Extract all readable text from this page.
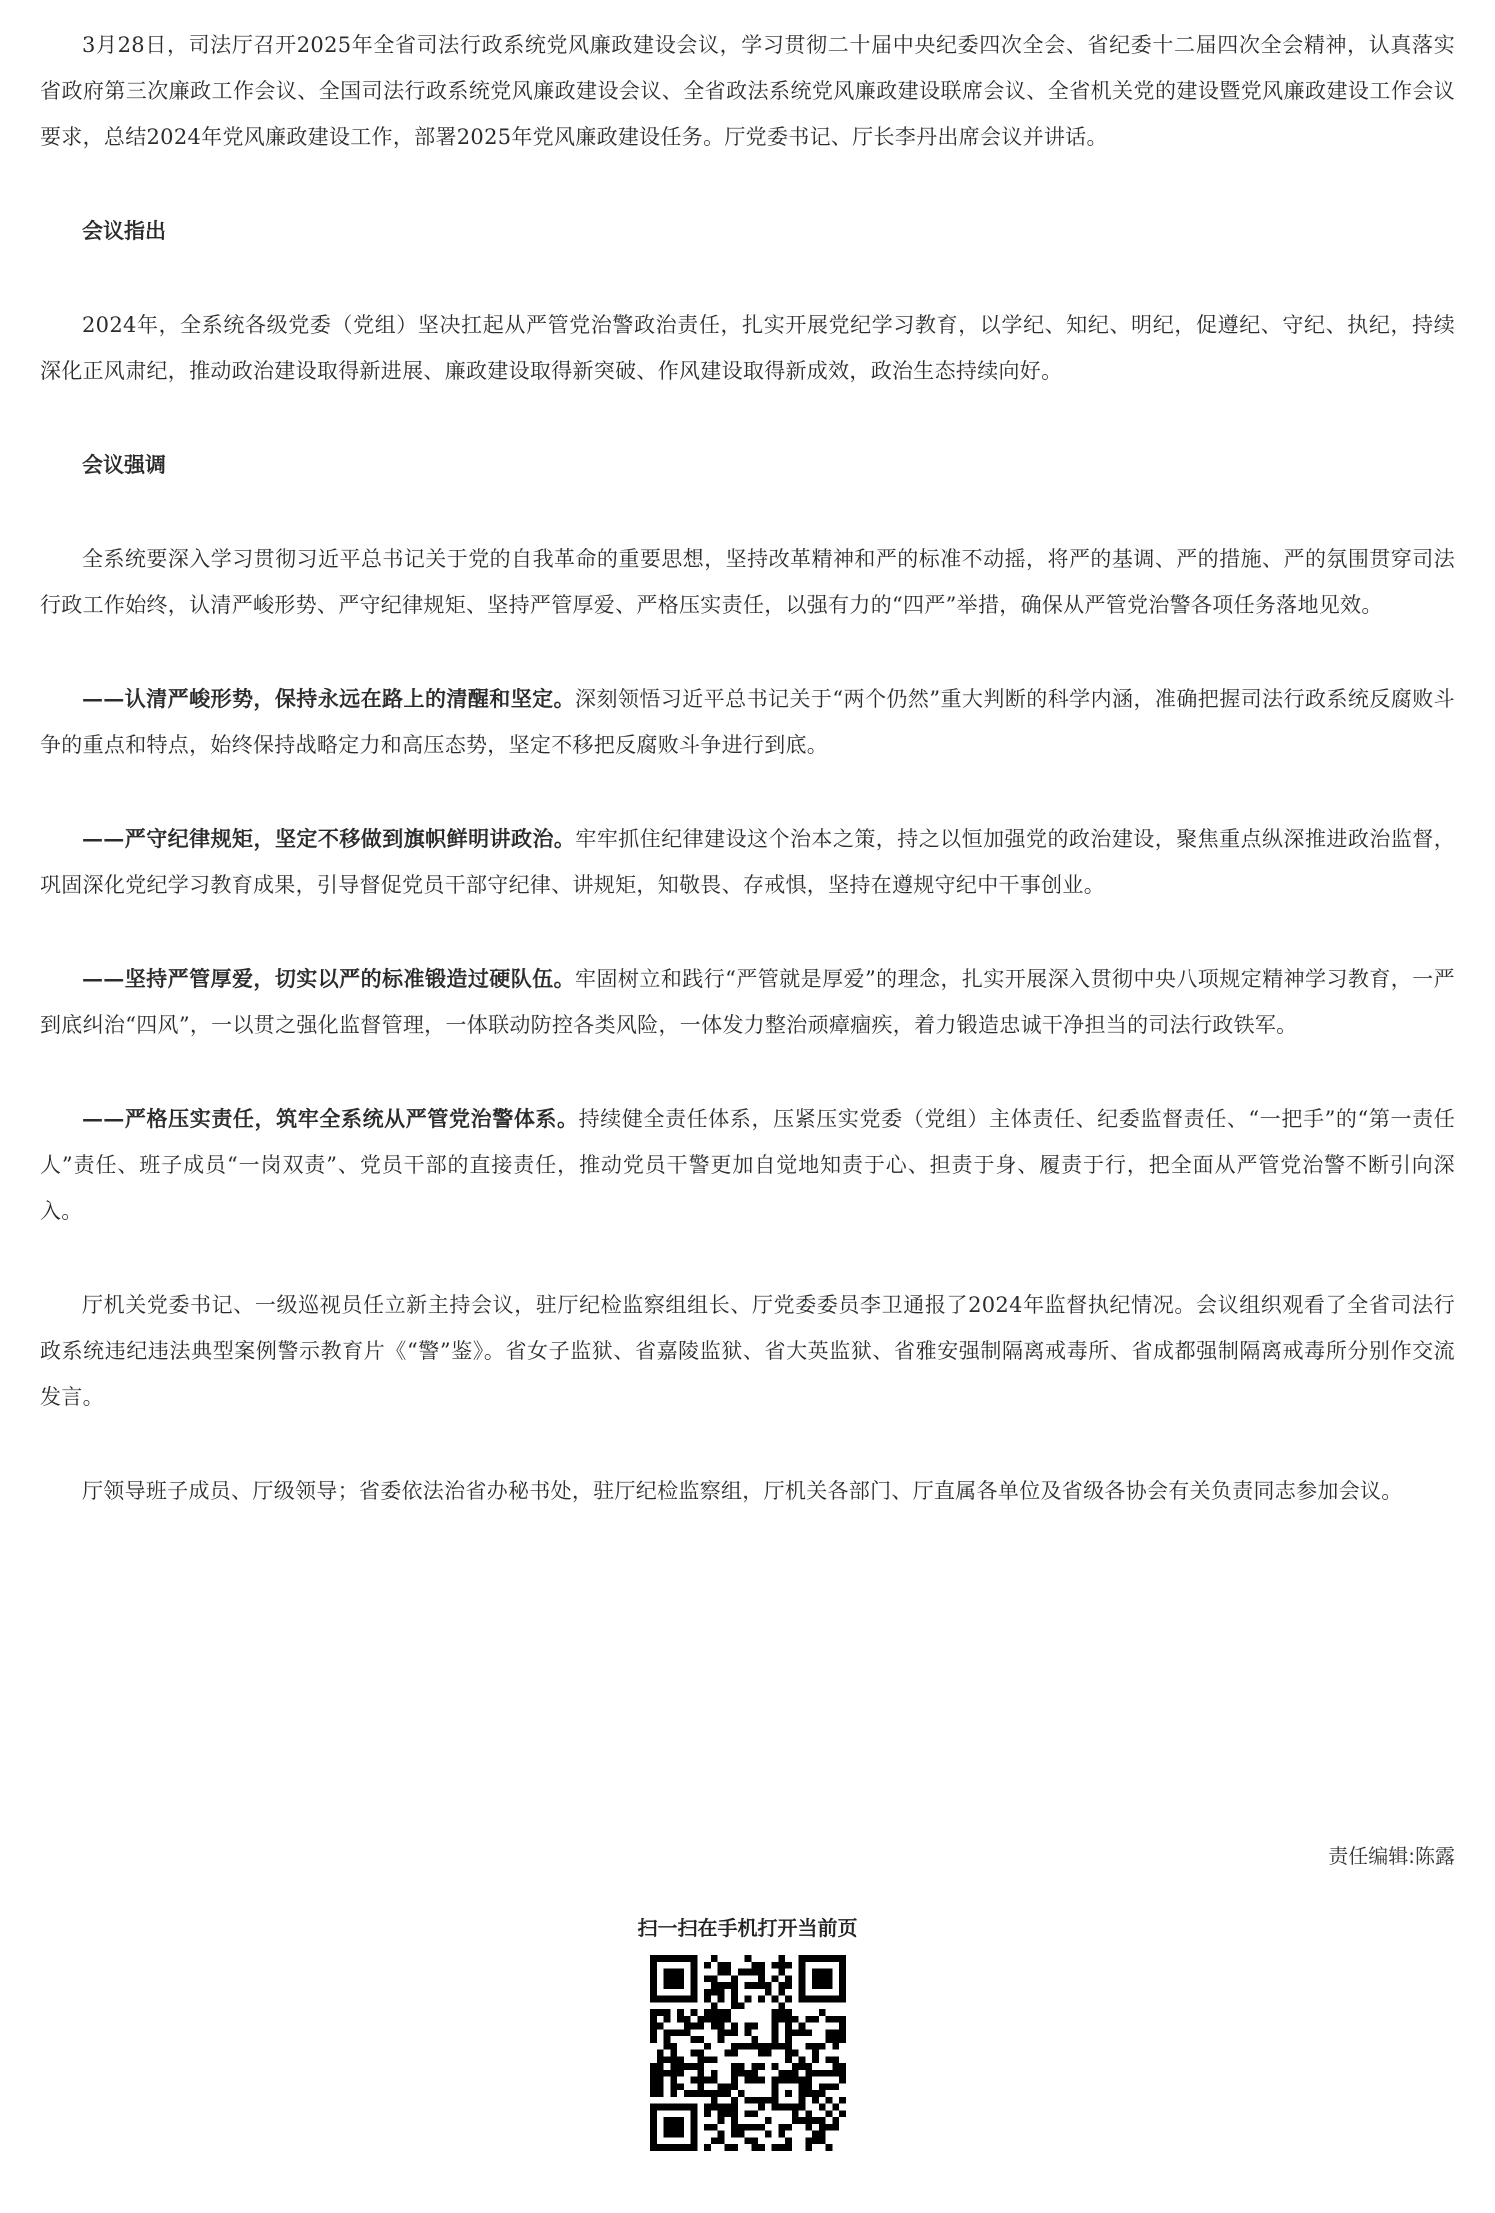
3月28日，司法厅召开2025年全省司法行政系统党风廉政建设会议，学习贯彻二十届中央纪委四次全会、省纪委十二届四次全会精神，认真落实省政府第三次廉政工作会议、全国司法行政系统党风廉政建设会议、全省政法系统党风廉政建设联席会议、全省机关党的建设暨党风廉政建设工作会议要求，总结2024年党风廉政建设工作，部署2025年党风廉政建设任务。厅党委书记、厅长李丹出席会议并讲话。

会议指出

2024年，全系统各级党委（党组）坚决扛起从严管党治警政治责任，扎实开展党纪学习教育，以学纪、知纪、明纪，促遵纪、守纪、执纪，持续深化正风肃纪，推动政治建设取得新进展、廉政建设取得新突破、作风建设取得新成效，政治生态持续向好。

会议强调

全系统要深入学习贯彻习近平总书记关于党的自我革命的重要思想，坚持改革精神和严的标准不动摇，将严的基调、严的措施、严的氛围贯穿司法行政工作始终，认清严峻形势、严守纪律规矩、坚持严管厚爱、严格压实责任，以强有力的“四严”举措，确保从严管党治警各项任务落地见效。

——认清严峻形势，保持永远在路上的清醒和坚定。深刻领悟习近平总书记关于“两个仍然”重大判断的科学内涵，准确把握司法行政系统反腐败斗争的重点和特点，始终保持战略定力和高压态势，坚定不移把反腐败斗争进行到底。

——严守纪律规矩，坚定不移做到旗帜鲜明讲政治。牢牢抓住纪律建设这个治本之策，持之以恒加强党的政治建设，聚焦重点纵深推进政治监督，巩固深化党纪学习教育成果，引导督促党员干部守纪律、讲规矩，知敬畏、存戒惧，坚持在遵规守纪中干事创业。

——坚持严管厚爱，切实以严的标准锻造过硬队伍。牢固树立和践行“严管就是厚爱”的理念，扎实开展深入贯彻中央八项规定精神学习教育，一严到底纠治“四风”，一以贯之强化监督管理，一体联动防控各类风险，一体发力整治顽瘴痼疾，着力锻造忠诚干净担当的司法行政铁军。

——严格压实责任，筑牢全系统从严管党治警体系。持续健全责任体系，压紧压实党委（党组）主体责任、纪委监督责任、“一把手”的“第一责任人”责任、班子成员“一岗双责”、党员干部的直接责任，推动党员干警更加自觉地知责于心、担责于身、履责于行，把全面从严管党治警不断引向深入。

厅机关党委书记、一级巡视员任立新主持会议，驻厅纪检监察组组长、厅党委委员李卫通报了2024年监督执纪情况。会议组织观看了全省司法行政系统违纪违法典型案例警示教育片《“警”鉴》。省女子监狱、省嘉陵监狱、省大英监狱、省雅安强制隔离戒毒所、省成都强制隔离戒毒所分别作交流发言。

厅领导班子成员、厅级领导；省委依法治省办秘书处，驻厅纪检监察组，厅机关各部门、厅直属各单位及省级各协会有关负责同志参加会议。

责任编辑:陈露
扫一扫在手机打开当前页
